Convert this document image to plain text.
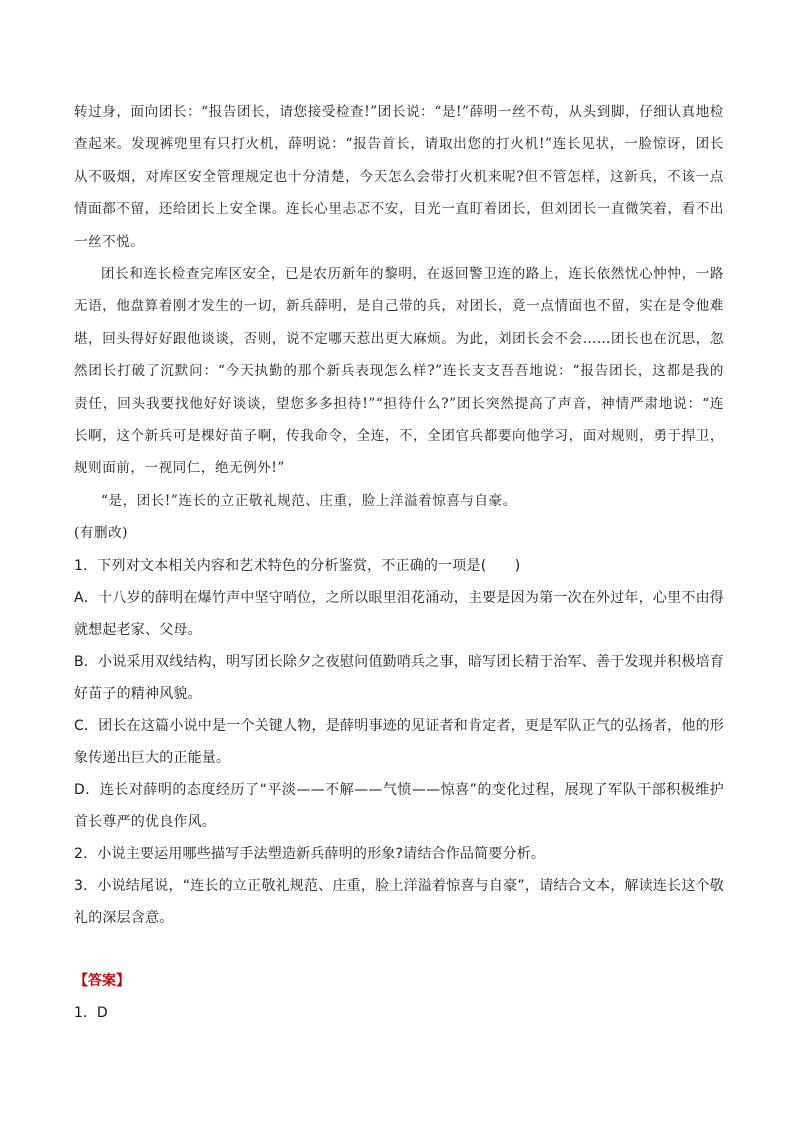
转过身，面向团长：“报告团长，请您接受检查!”团长说：“是!”薛明一丝不苟，从头到脚，仔细认真地检查起来。发现裤兜里有只打火机，薛明说：“报告首长，请取出您的打火机!”连长见状，一脸惊讶，团长从不吸烟，对库区安全管理规定也十分清楚，今天怎么会带打火机来呢?但不管怎样，这新兵，不该一点情面都不留，还给团长上安全课。连长心里忐忑不安，目光一直盯着团长，但刘团长一直微笑着，看不出一丝不悦。

团长和连长检查完库区安全，已是农历新年的黎明，在返回警卫连的路上，连长依然忧心忡忡，一路无语，他盘算着刚才发生的一切，新兵薛明，是自己带的兵，对团长，竟一点情面也不留，实在是令他难堪，回头得好好跟他谈谈，否则，说不定哪天惹出更大麻烦。为此，刘团长会不会……团长也在沉思，忽然团长打破了沉默问：“今天执勤的那个新兵表现怎么样?”连长支支吾吾地说：“报告团长，这都是我的责任，回头我要找他好好谈谈，望您多多担待!”“担待什么?”团长突然提高了声音，神情严肃地说：“连长啊，这个新兵可是棵好苗子啊，传我命令，全连，不，全团官兵都要向他学习，面对规则，勇于捍卫，规则面前，一视同仁，绝无例外!”

“是，团长!”连长的立正敬礼规范、庄重，脸上洋溢着惊喜与自豪。

(有删改)

1．下列对文本相关内容和艺术特色的分析鉴赏，不正确的一项是(　　)

A．十八岁的薛明在爆竹声中坚守哨位，之所以眼里泪花涌动，主要是因为第一次在外过年，心里不由得就想起老家、父母。

B．小说采用双线结构，明写团长除夕之夜慰问值勤哨兵之事，暗写团长精于治军、善于发现并积极培育好苗子的精神风貌。

C．团长在这篇小说中是一个关键人物，是薛明事迹的见证者和肯定者，更是军队正气的弘扬者，他的形象传递出巨大的正能量。

D．连长对薛明的态度经历了“平淡——不解——气愤——惊喜”的变化过程，展现了军队干部积极维护首长尊严的优良作风。

2．小说主要运用哪些描写手法塑造新兵薛明的形象?请结合作品简要分析。

3．小说结尾说，“连长的立正敬礼规范、庄重，脸上洋溢着惊喜与自豪”，请结合文本，解读连长这个敬礼的深层含意。

【答案】

1．D
